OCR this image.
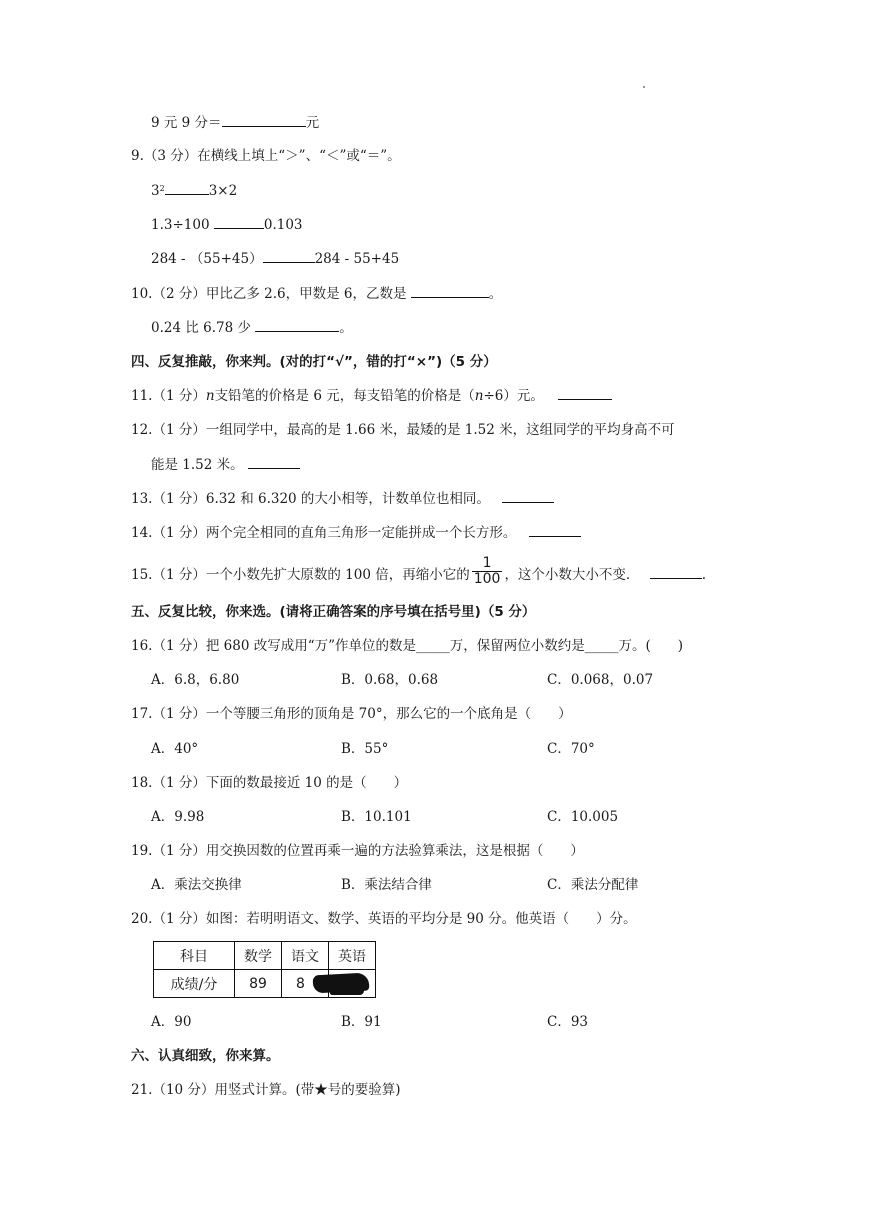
9 元 9 分＝	元
9.（3 分）在横线上填上“＞”、“＜”或“＝”。
$3^2$	3×2
1.3÷100	0.103
284 - （55+45）	284 - 55+45
10.（2 分）甲比乙多 2.6，甲数是 6，乙数是	。
0.24 比 6.78 少	。
四、反复推敲，你来判。(对的打“√”，错的打“×”)（5 分）
11.（1 分）n支铅笔的价格是 6 元，每支铅笔的价格是（n÷6）元。
12.（1 分）一组同学中，最高的是 1.66 米，最矮的是 1.52 米，这组同学的平均身高不可
能是 1.52 米。
13.（1 分）6.32 和 6.320 的大小相等，计数单位也相同。
14.（1 分）两个完全相同的直角三角形一定能拼成一个长方形。
15.（1 分）一个小数先扩大原数的 100 倍，再缩小它的 $\frac{1}{100}$ ，这个小数大小不变．	.
五、反复比较，你来选。(请将正确答案的序号填在括号里)（5 分）
16.（1 分）把 680 改写成用“万”作单位的数是_____万，保留两位小数约是_____万。(　　)
A．6.8，6.80	B．0.68，0.68	C．0.068，0.07
17.（1 分）一个等腰三角形的顶角是 70°，那么它的一个底角是（　　）
A．40°	B．55°	C．70°
18.（1 分）下面的数最接近 10 的是（　　）
A．9.98	B．10.101	C．10.005
19.（1 分）用交换因数的位置再乘一遍的方法验算乘法，这是根据（　　）
A．乘法交换律	B．乘法结合律	C．乘法分配律
20.（1 分）如图：若明明语文、数学、英语的平均分是 90 分。他英语（　　）分。
科目	数学	语文	英语
成绩/分	89	8	
A．90	B．91	C．93
六、认真细致，你来算。
21.（10 分）用竖式计算。(带★号的要验算)
